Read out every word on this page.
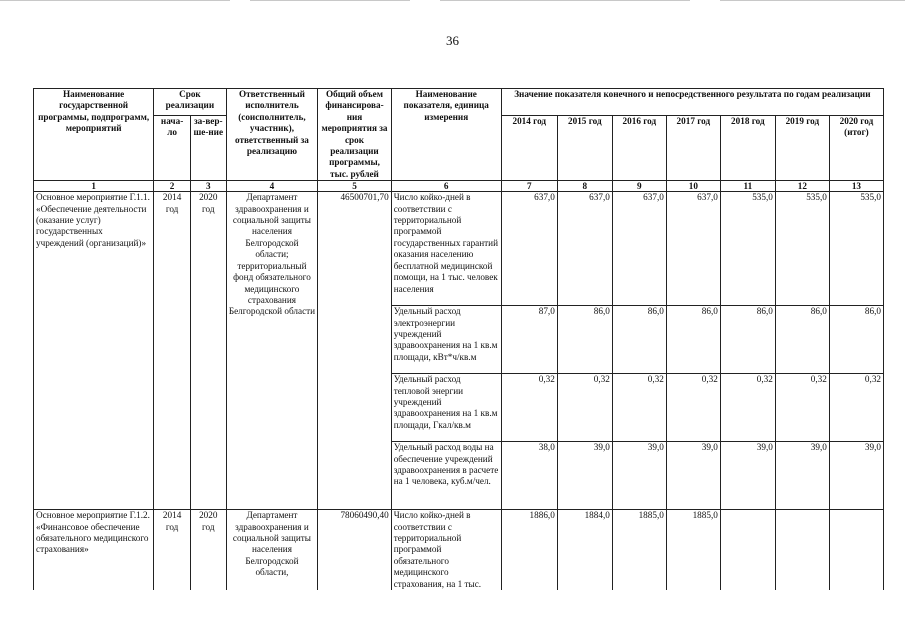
36
Наименование государственной программы, подпрограмм, мероприятий	Срок реализации		Ответственный исполнитель (соисполнитель, участник), ответственный за реализацию	Общий объем финансирова-ния мероприятия за срок реализации программы, тыс. рублей	Наименование показателя, единица измерения	Значение показателя конечного и непосредственного результата по годам реализации						
	нача-ло	за-вер-ше-ние				2014 год	2015 год	2016 год	2017 год	2018 год	2019 год	2020 год (итог)
1	2	3	4	5	6	7	8	9	10	11	12	13
Основное мероприятие Г.1.1. «Обеспечение деятельности (оказание услуг) государственных учреждений (организаций)»	2014 год	2020 год	Департамент здравоохранения и социальной защиты населения Белгородской области; территориальный фонд обязательного медицинского страхования Белгородской области	46500701,70	Число койко-дней в соответствии с территориальной программой государственных гарантий оказания населению бесплатной медицинской помощи, на 1 тыс. человек населения	637,0	637,0	637,0	637,0	535,0	535,0	535,0
					Удельный расход электроэнергии учреждений здравоохранения на 1 кв.м площади, кВт*ч/кв.м	87,0	86,0	86,0	86,0	86,0	86,0	86,0
					Удельный расход тепловой энергии учреждений здравоохранения на 1 кв.м площади, Гкал/кв.м	0,32	0,32	0,32	0,32	0,32	0,32	0,32
					Удельный расход воды на обеспечение учреждений здравоохранения в расчете на 1 человека, куб.м/чел.	38,0	39,0	39,0	39,0	39,0	39,0	39,0
Основное мероприятие Г.1.2. «Финансовое обеспечение обязательного медицинского страхования»	2014 год	2020 год	Департамент здравоохранения и социальной защиты населения Белгородской области,	78060490,40	Число койко-дней в соответствии с территориальной программой обязательного медицинского страхования, на 1 тыс.	1886,0	1884,0	1885,0	1885,0			
